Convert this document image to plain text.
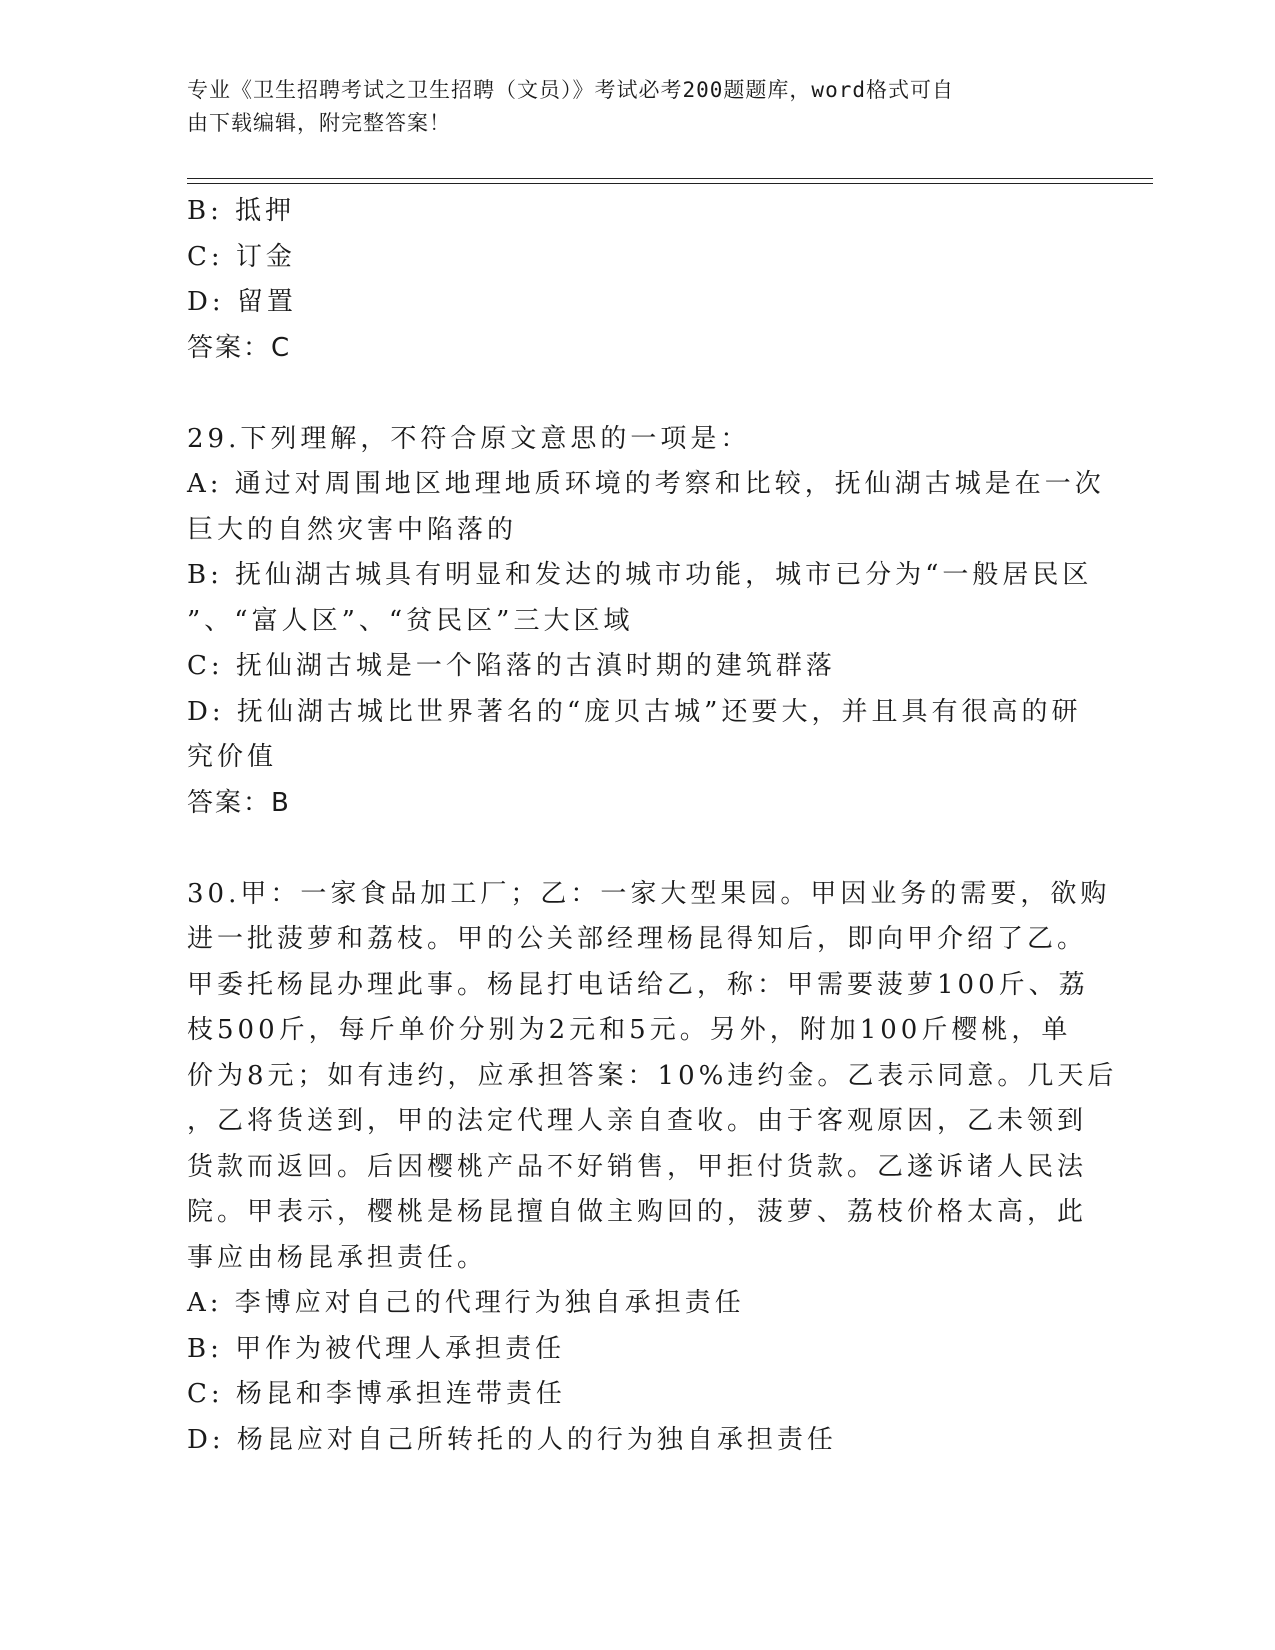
专业《卫生招聘考试之卫生招聘（文员）》考试必考200题题库，word格式可自
由下载编辑，附完整答案！
B: 抵押
C: 订金
D: 留置
答案：C
29.下列理解，不符合原文意思的一项是：
A: 通过对周围地区地理地质环境的考察和比较，抚仙湖古城是在一次
巨大的自然灾害中陷落的
B: 抚仙湖古城具有明显和发达的城市功能，城市已分为“一般居民区
”、“富人区”、“贫民区”三大区域
C: 抚仙湖古城是一个陷落的古滇时期的建筑群落
D: 抚仙湖古城比世界著名的“庞贝古城”还要大，并且具有很高的研
究价值
答案：B
30.甲：一家食品加工厂；乙：一家大型果园。甲因业务的需要，欲购
进一批菠萝和荔枝。甲的公关部经理杨昆得知后，即向甲介绍了乙。
甲委托杨昆办理此事。杨昆打电话给乙，称：甲需要菠萝100斤、荔
枝500斤，每斤单价分别为2元和5元。另外，附加100斤樱桃，单
价为8元；如有违约，应承担答案：10%违约金。乙表示同意。几天后
，乙将货送到，甲的法定代理人亲自查收。由于客观原因，乙未领到
货款而返回。后因樱桃产品不好销售，甲拒付货款。乙遂诉诸人民法
院。甲表示，樱桃是杨昆擅自做主购回的，菠萝、荔枝价格太高，此
事应由杨昆承担责任。
A: 李博应对自己的代理行为独自承担责任
B: 甲作为被代理人承担责任
C: 杨昆和李博承担连带责任
D: 杨昆应对自己所转托的人的行为独自承担责任
